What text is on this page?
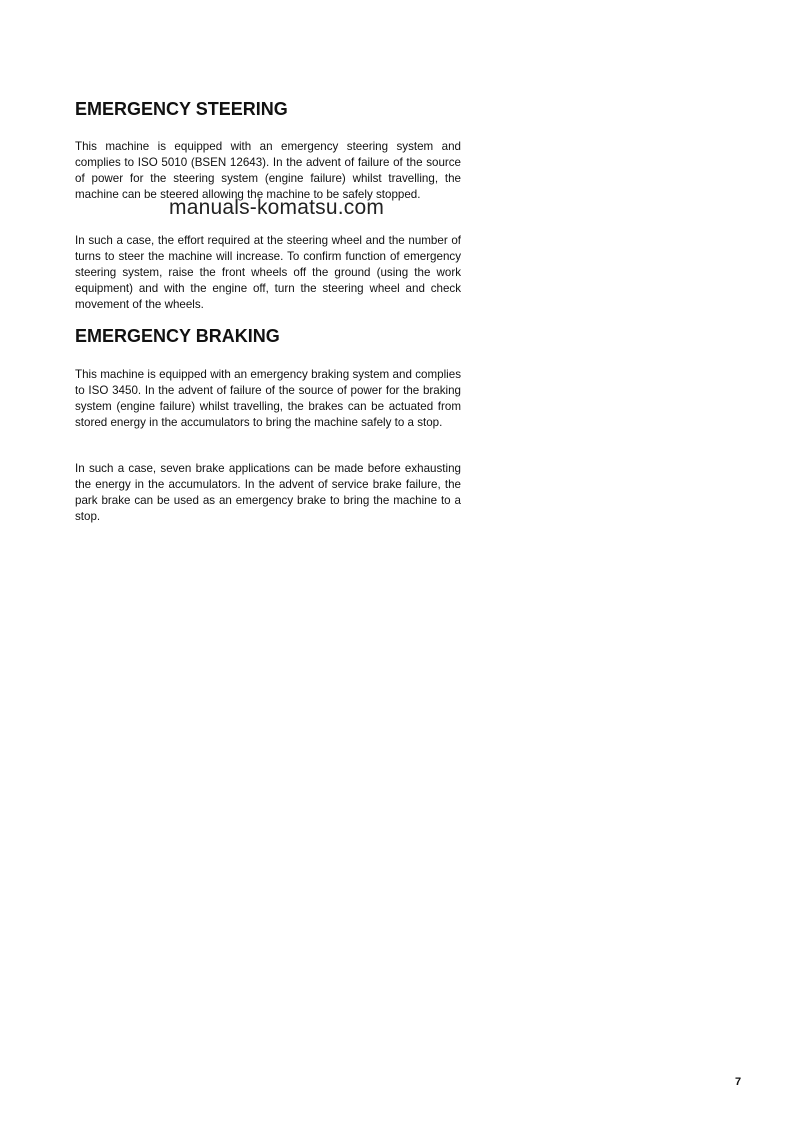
EMERGENCY STEERING

This machine is equipped with an emergency steering system and complies to ISO 5010 (BSEN 12643). In the advent of failure of the source of power for the steering system (engine failure) whilst travelling, the machine can be steered allowing the machine to be safely stopped.

In such a case, the effort required at the steering wheel and the number of turns to steer the machine will increase. To confirm function of emergency steering system, raise the front wheels off the ground (using the work equipment) and with the engine off, turn the steering wheel and check movement of the wheels.

EMERGENCY BRAKING

This machine is equipped with an emergency braking system and complies to ISO 3450. In the advent of failure of the source of power for the braking system (engine failure) whilst travelling, the brakes can be actuated from stored energy in the accumulators to bring the machine safely to a stop.

In such a case, seven brake applications can be made before exhausting the energy in the accumulators. In the advent of service brake failure, the park brake can be used as an emergency brake to bring the machine to a stop.

manuals-komatsu.com
7
